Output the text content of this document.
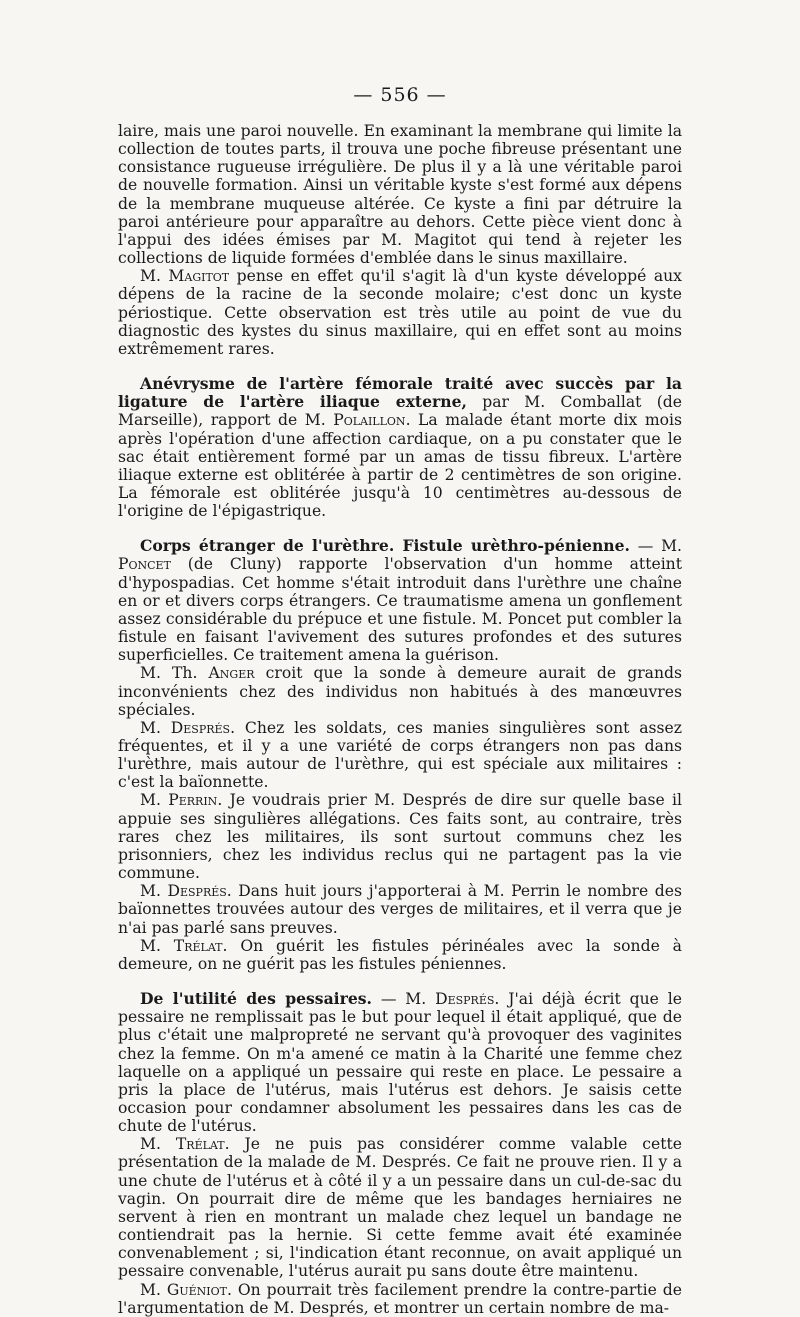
— 556 —

laire, mais une paroi nouvelle. En examinant la membrane qui limite la collection de toutes parts, il trouva une poche fibreuse présentant une consistance rugueuse irrégulière. De plus il y a là une véritable paroi de nouvelle formation. Ainsi un véritable kyste s'est formé aux dépens de la membrane muqueuse altérée. Ce kyste a fini par détruire la paroi antérieure pour apparaître au dehors. Cette pièce vient donc à l'appui des idées émises par M. Magitot qui tend à rejeter les collections de liquide formées d'emblée dans le sinus maxillaire.

M. Magitot pense en effet qu'il s'agit là d'un kyste développé aux dépens de la racine de la seconde molaire; c'est donc un kyste périostique. Cette observation est très utile au point de vue du diagnostic des kystes du sinus maxillaire, qui en effet sont au moins extrêmement rares.

Anévrysme de l'artère fémorale traité avec succès par la ligature de l'artère iliaque externe, par M. Comballat (de Marseille), rapport de M. Polaillon. La malade étant morte dix mois après l'opération d'une affection cardiaque, on a pu constater que le sac était entièrement formé par un amas de tissu fibreux. L'artère iliaque externe est oblitérée à partir de 2 centimètres de son origine. La fémorale est oblitérée jusqu'à 10 centimètres au-dessous de l'origine de l'épigastrique.

Corps étranger de l'urèthre. Fistule urèthro-pénienne. — M. Poncet (de Cluny) rapporte l'observation d'un homme atteint d'hypospadias. Cet homme s'était introduit dans l'urèthre une chaîne en or et divers corps étrangers. Ce traumatisme amena un gonflement assez considérable du prépuce et une fistule. M. Poncet put combler la fistule en faisant l'avivement des sutures profondes et des sutures superficielles. Ce traitement amena la guérison.

M. Th. Anger croit que la sonde à demeure aurait de grands inconvénients chez des individus non habitués à des manœuvres spéciales.

M. Després. Chez les soldats, ces manies singulières sont assez fréquentes, et il y a une variété de corps étrangers non pas dans l'urèthre, mais autour de l'urèthre, qui est spéciale aux militaires : c'est la baïonnette.

M. Perrin. Je voudrais prier M. Després de dire sur quelle base il appuie ses singulières allégations. Ces faits sont, au contraire, très rares chez les militaires, ils sont surtout communs chez les prisonniers, chez les individus reclus qui ne partagent pas la vie commune.

M. Després. Dans huit jours j'apporterai à M. Perrin le nombre des baïonnettes trouvées autour des verges de militaires, et il verra que je n'ai pas parlé sans preuves.

M. Trélat. On guérit les fistules périnéales avec la sonde à demeure, on ne guérit pas les fistules péniennes.

De l'utilité des pessaires. — M. Després. J'ai déjà écrit que le pessaire ne remplissait pas le but pour lequel il était appliqué, que de plus c'était une malpropreté ne servant qu'à provoquer des vaginites chez la femme. On m'a amené ce matin à la Charité une femme chez laquelle on a appliqué un pessaire qui reste en place. Le pessaire a pris la place de l'utérus, mais l'utérus est dehors. Je saisis cette occasion pour condamner absolument les pessaires dans les cas de chute de l'utérus.

M. Trélat. Je ne puis pas considérer comme valable cette présentation de la malade de M. Després. Ce fait ne prouve rien. Il y a une chute de l'utérus et à côté il y a un pessaire dans un cul-de-sac du vagin. On pourrait dire de même que les bandages herniaires ne servent à rien en montrant un malade chez lequel un bandage ne contiendrait pas la hernie. Si cette femme avait été examinée convenablement ; si, l'indication étant reconnue, on avait appliqué un pessaire convenable, l'utérus aurait pu sans doute être maintenu.

M. Guéniot. On pourrait très facilement prendre la contre-partie de l'argumentation de M. Després, et montrer un certain nombre de ma-
